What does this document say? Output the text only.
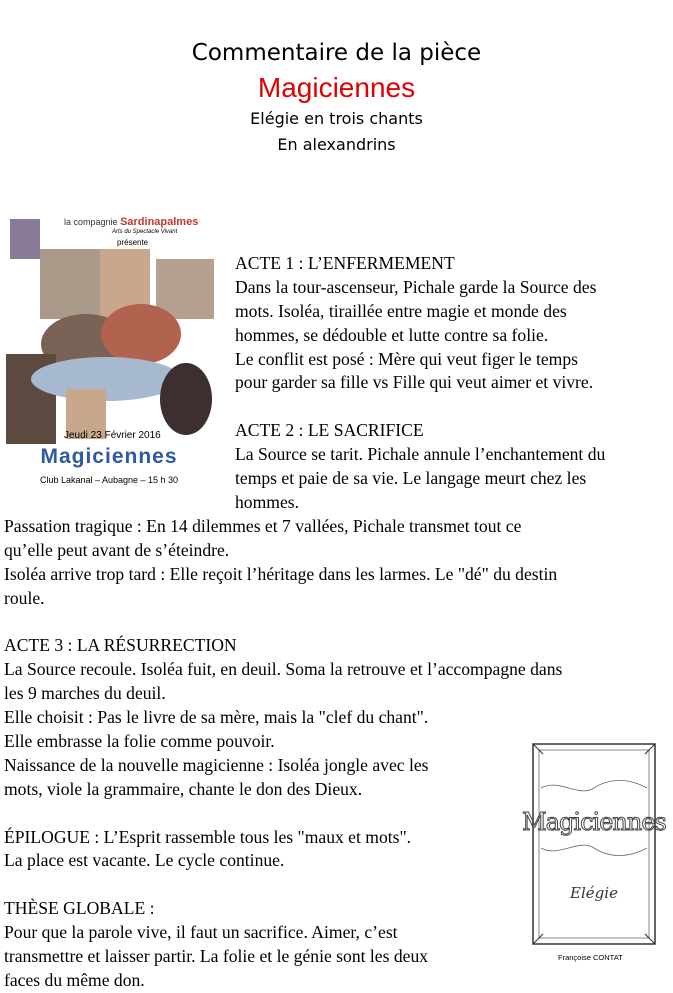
Commentaire de la pièce
Magiciennes
Elégie en trois chants
En alexandrins
la compagnie Sardinapalmes
Arts du Spectacle Vivant
présente
Jeudi 23 Février 2016
Magiciennes
Club Lakanal – Aubagne – 15 h 30
ACTE 1 : L’ENFERMEMENT
Dans la tour-ascenseur, Pichale garde la Source des
mots. Isoléa, tiraillée entre magie et monde des
hommes, se dédouble et lutte contre sa folie.
Le conflit est posé : Mère qui veut figer le temps
pour garder sa fille vs Fille qui veut aimer et vivre.
ACTE 2 : LE SACRIFICE
La Source se tarit. Pichale annule l’enchantement du
temps et paie de sa vie. Le langage meurt chez les
hommes.
Passation tragique : En 14 dilemmes et 7 vallées, Pichale transmet tout ce
qu’elle peut avant de s’éteindre.
Isoléa arrive trop tard : Elle reçoit l’héritage dans les larmes. Le "dé" du destin
roule.
ACTE 3 : LA RÉSURRECTION
La Source recoule. Isoléa fuit, en deuil. Soma la retrouve et l’accompagne dans
les 9 marches du deuil.
Elle choisit : Pas le livre de sa mère, mais la "clef du chant".
Elle embrasse la folie comme pouvoir.
Naissance de la nouvelle magicienne : Isoléa jongle avec les
mots, viole la grammaire, chante le don des Dieux.
ÉPILOGUE : L’Esprit rassemble tous les "maux et mots".
La place est vacante. Le cycle continue.
THÈSE GLOBALE :
Pour que la parole vive, il faut un sacrifice. Aimer, c’est
transmettre et laisser partir. La folie et le génie sont les deux
faces du même don.
Magiciennes
Elégie
Françoise CONTAT
